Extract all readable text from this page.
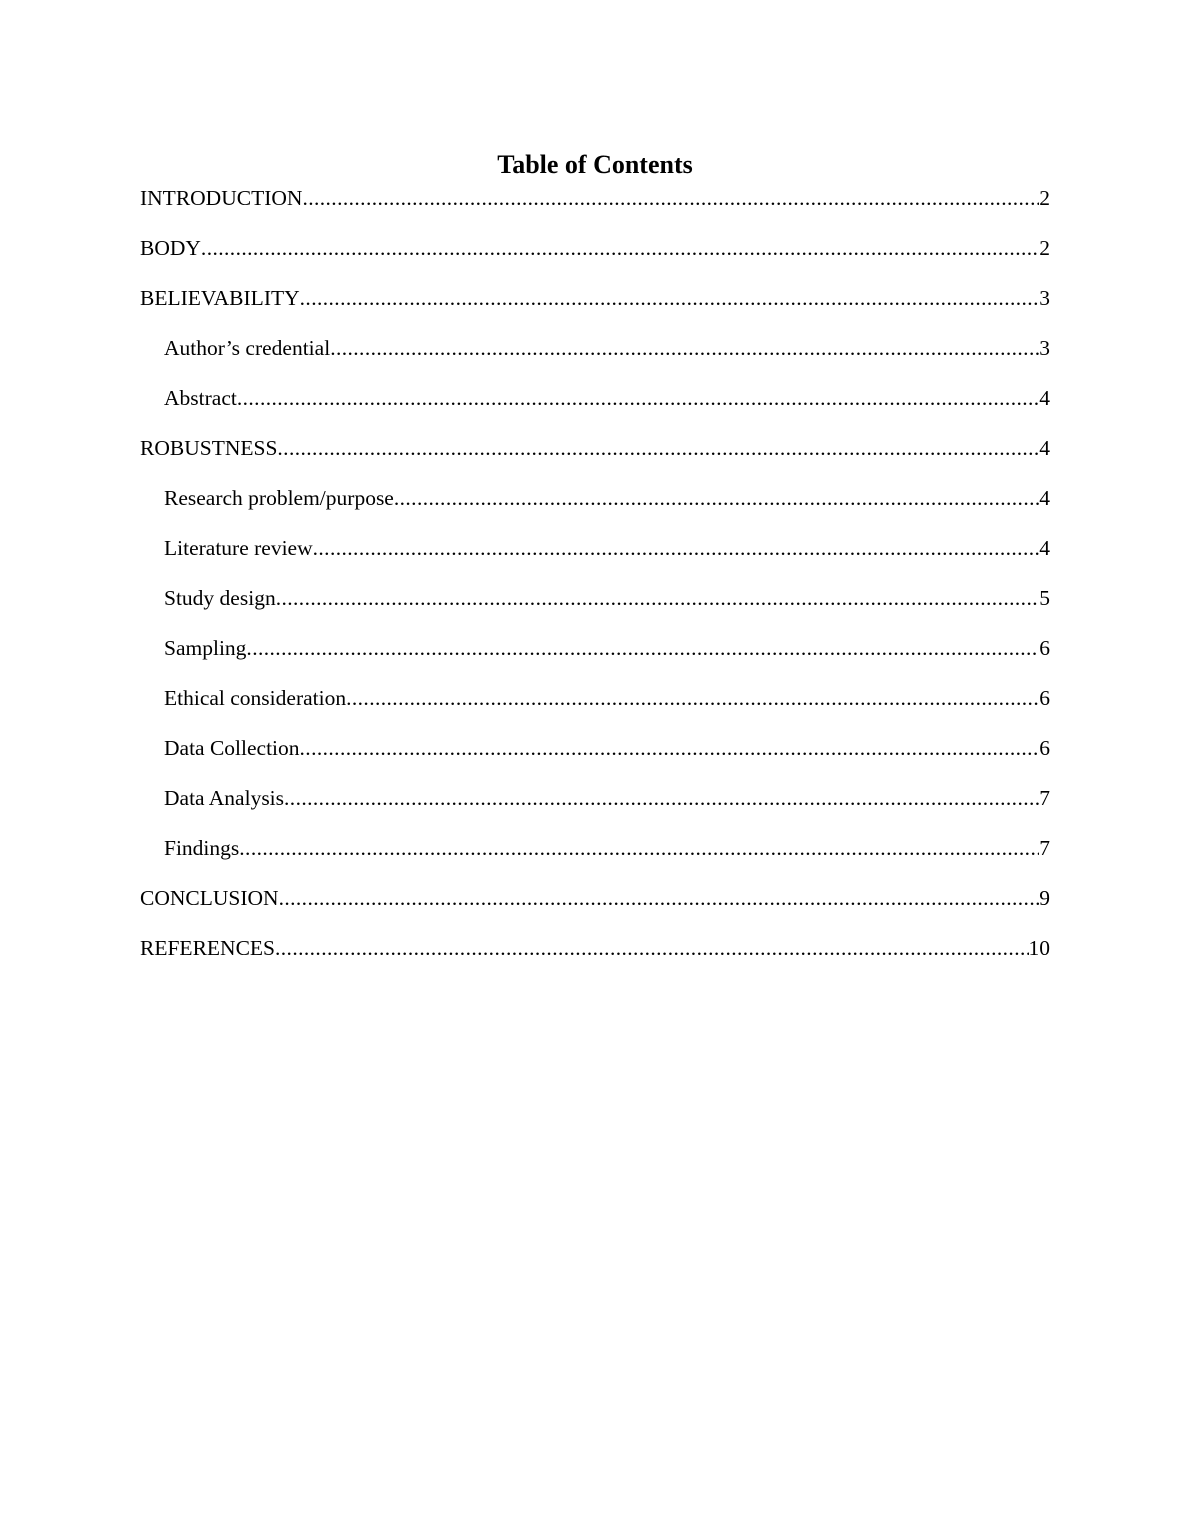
Table of Contents
INTRODUCTION .....	2
BODY .....	2
BELIEVABILITY .....	3
Author’s credential .....	3
Abstract .....	4
ROBUSTNESS .....	4
Research problem/purpose .....	4
Literature review .....	4
Study design .....	5
Sampling .....	6
Ethical consideration .....	6
Data Collection .....	6
Data Analysis .....	7
Findings .....	7
CONCLUSION .....	9
REFERENCES .....	10
